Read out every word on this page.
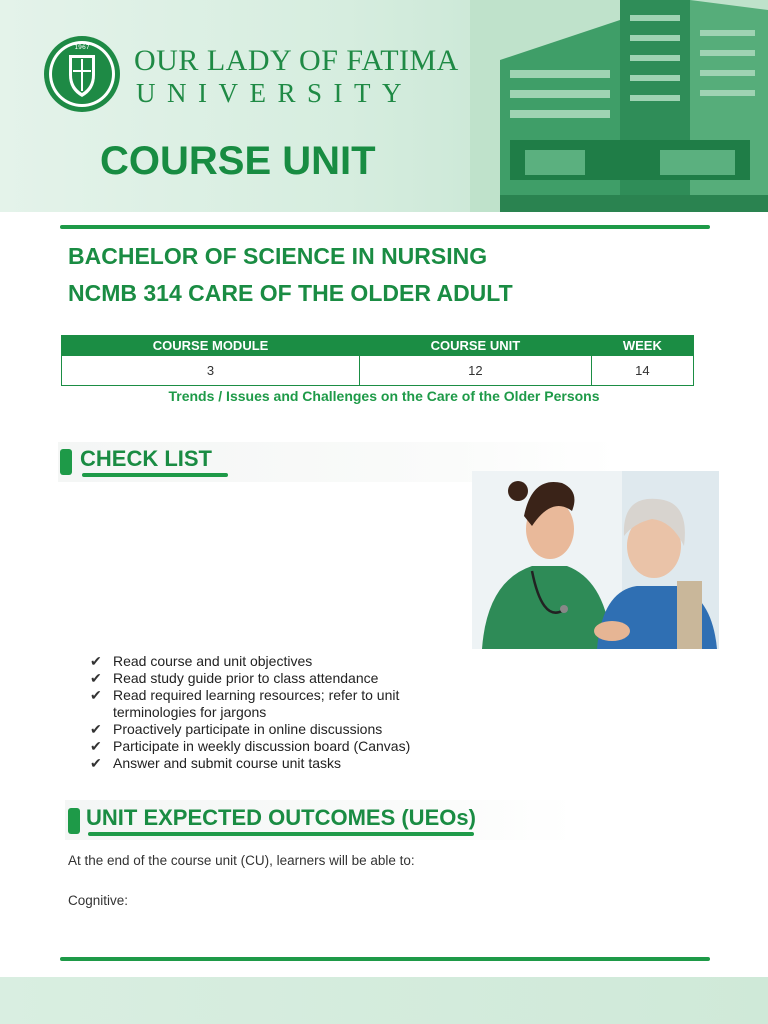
1967 OUR LADY OF FATIMA
UNIVERSITY
COURSE UNIT
BACHELOR OF SCIENCE IN NURSING
NCMB 314 CARE OF THE OLDER ADULT
COURSE MODULE	COURSE UNIT	WEEK
3	12	14
Trends / Issues and Challenges on the Care of the Older Persons
CHECK LIST
✔ Read course and unit objectives
✔ Read study guide prior to class attendance
✔ Read required learning resources; refer to unit terminologies for jargons
✔ Proactively participate in online discussions
✔ Participate in weekly discussion board (Canvas)
✔ Answer and submit course unit tasks
UNIT EXPECTED OUTCOMES (UEOs)
At the end of the course unit (CU), learners will be able to:
Cognitive:
